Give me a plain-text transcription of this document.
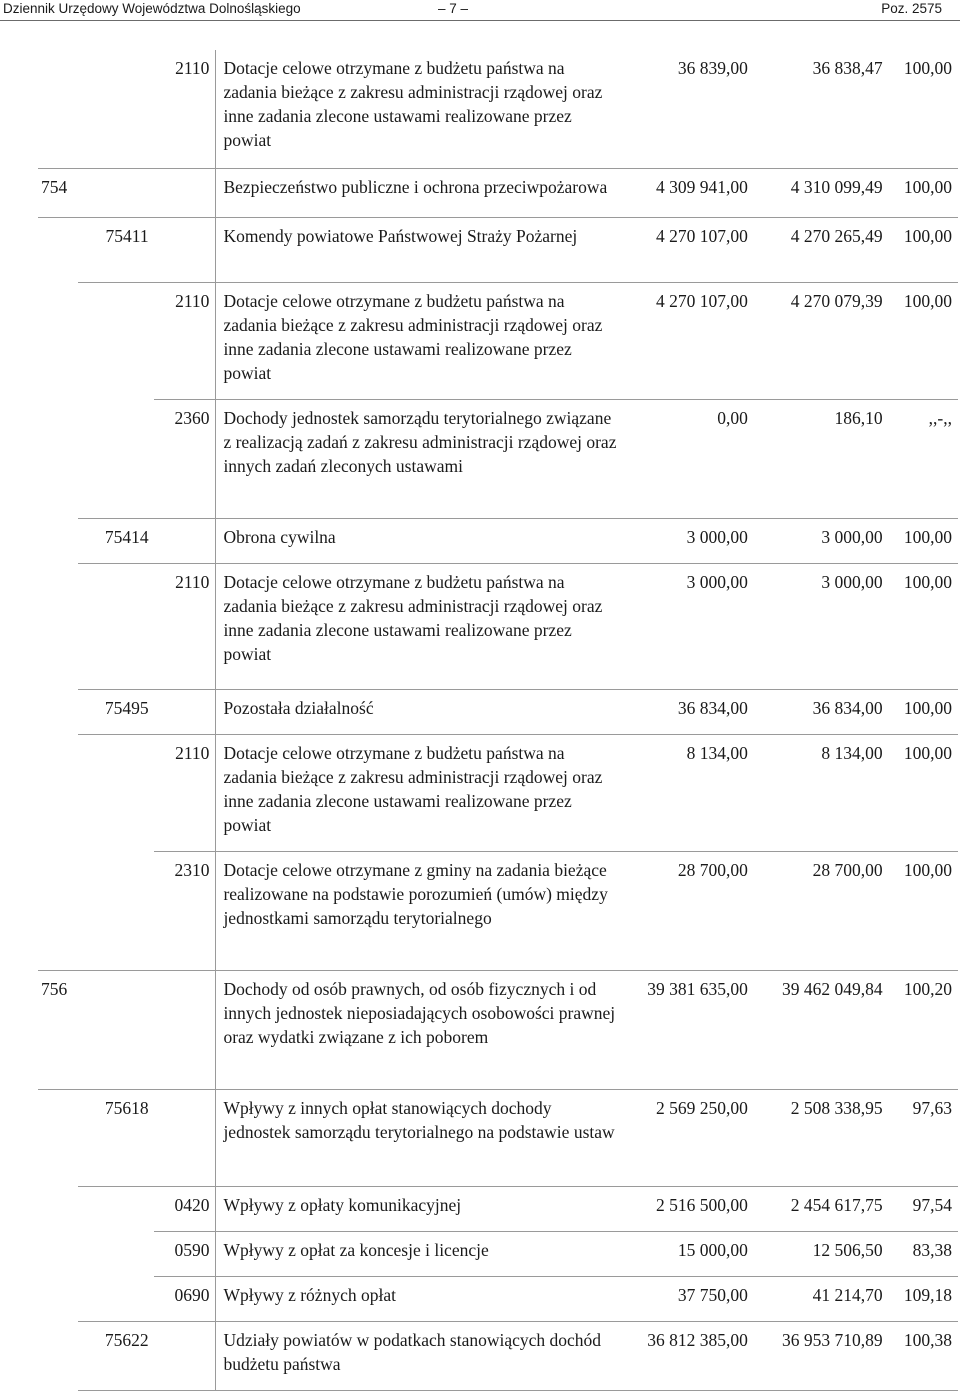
Dziennik Urzędowy Województwa Dolnośląskiego	– 7 –	Poz. 2575

		2110	Dotacje celowe otrzymane z budżetu państwa na zadania bieżące z zakresu administracji rządowej oraz inne zadania zlecone ustawami realizowane przez powiat	36 839,00	36 838,47	100,00

754			Bezpieczeństwo publiczne i ochrona przeciwpożarowa	4 309 941,00	4 310 099,49	100,00

	75411		Komendy powiatowe Państwowej Straży Pożarnej	4 270 107,00	4 270 265,49	100,00

		2110	Dotacje celowe otrzymane z budżetu państwa na zadania bieżące z zakresu administracji rządowej oraz inne zadania zlecone ustawami realizowane przez powiat	4 270 107,00	4 270 079,39	100,00

		2360	Dochody jednostek samorządu terytorialnego związane z realizacją zadań z zakresu administracji rządowej oraz innych zadań zleconych ustawami	0,00	186,10	,,-,,

	75414		Obrona cywilna	3 000,00	3 000,00	100,00

		2110	Dotacje celowe otrzymane z budżetu państwa na zadania bieżące z zakresu administracji rządowej oraz inne zadania zlecone ustawami realizowane przez powiat	3 000,00	3 000,00	100,00

	75495		Pozostała działalność	36 834,00	36 834,00	100,00

		2110	Dotacje celowe otrzymane z budżetu państwa na zadania bieżące z zakresu administracji rządowej oraz inne zadania zlecone ustawami realizowane przez powiat	8 134,00	8 134,00	100,00

		2310	Dotacje celowe otrzymane z gminy na zadania bieżące realizowane na podstawie porozumień (umów) między jednostkami samorządu terytorialnego	28 700,00	28 700,00	100,00

756			Dochody od osób prawnych, od osób fizycznych i od innych jednostek nieposiadających osobowości prawnej oraz wydatki związane z ich poborem	39 381 635,00	39 462 049,84	100,20

	75618		Wpływy z innych opłat stanowiących dochody jednostek samorządu terytorialnego na podstawie ustaw	2 569 250,00	2 508 338,95	97,63

		0420	Wpływy z opłaty komunikacyjnej	2 516 500,00	2 454 617,75	97,54

		0590	Wpływy z opłat za koncesje i licencje	15 000,00	12 506,50	83,38

		0690	Wpływy z różnych opłat	37 750,00	41 214,70	109,18

	75622		Udziały powiatów w podatkach stanowiących dochód budżetu państwa	36 812 385,00	36 953 710,89	100,38
